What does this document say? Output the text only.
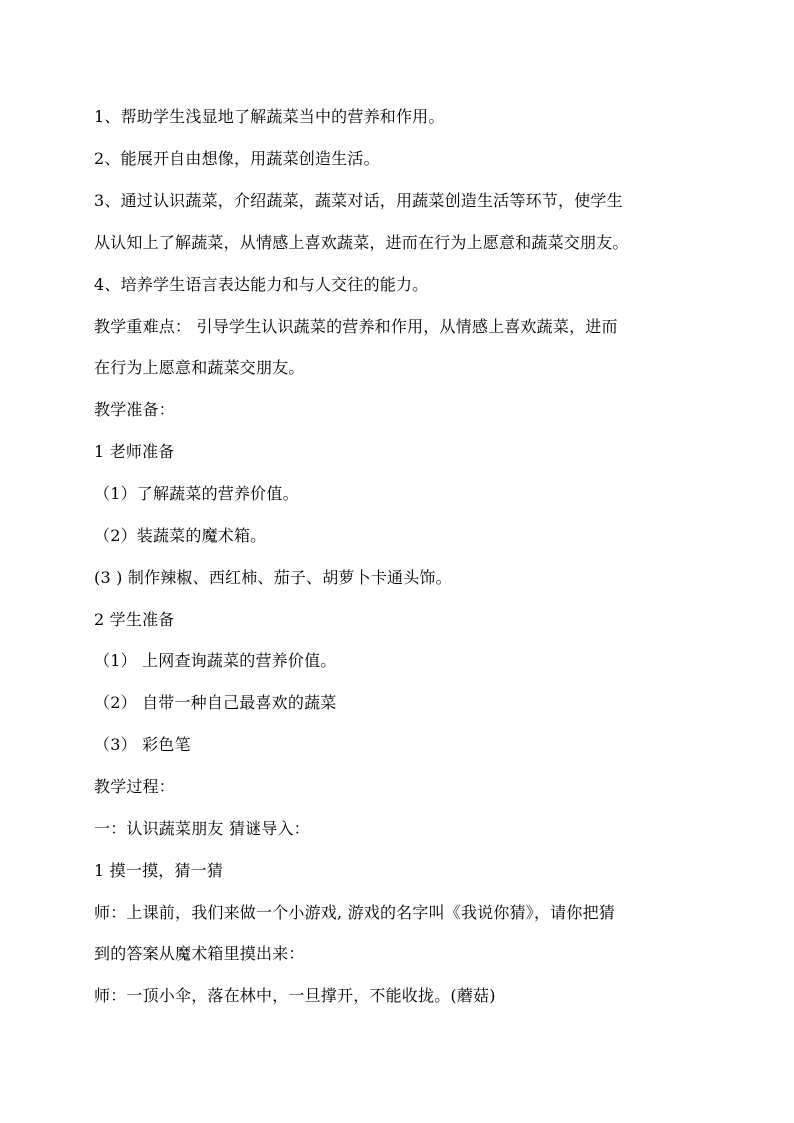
1、帮助学生浅显地了解蔬菜当中的营养和作用。
2、能展开自由想像，用蔬菜创造生活。
3、通过认识蔬菜，介绍蔬菜，蔬菜对话，用蔬菜创造生活等环节，使学生
从认知上了解蔬菜，从情感上喜欢蔬菜，进而在行为上愿意和蔬菜交朋友。
4、培养学生语言表达能力和与人交往的能力。
教学重难点： 引导学生认识蔬菜的营养和作用，从情感上喜欢蔬菜，进而
在行为上愿意和蔬菜交朋友。
教学准备：
1 老师准备
（1）了解蔬菜的营养价值。
（2）装蔬菜的魔术箱。
(3 ) 制作辣椒、西红柿、茄子、胡萝卜卡通头饰。
2 学生准备
（1） 上网查询蔬菜的营养价值。
（2） 自带一种自己最喜欢的蔬菜
（3） 彩色笔
教学过程：
一：认识蔬菜朋友 猜谜导入：
1 摸一摸，猜一猜
师：上课前，我们来做一个小游戏, 游戏的名字叫《我说你猜》，请你把猜
到的答案从魔术箱里摸出来：
师：一顶小伞，落在林中，一旦撑开，不能收拢。(蘑菇)
